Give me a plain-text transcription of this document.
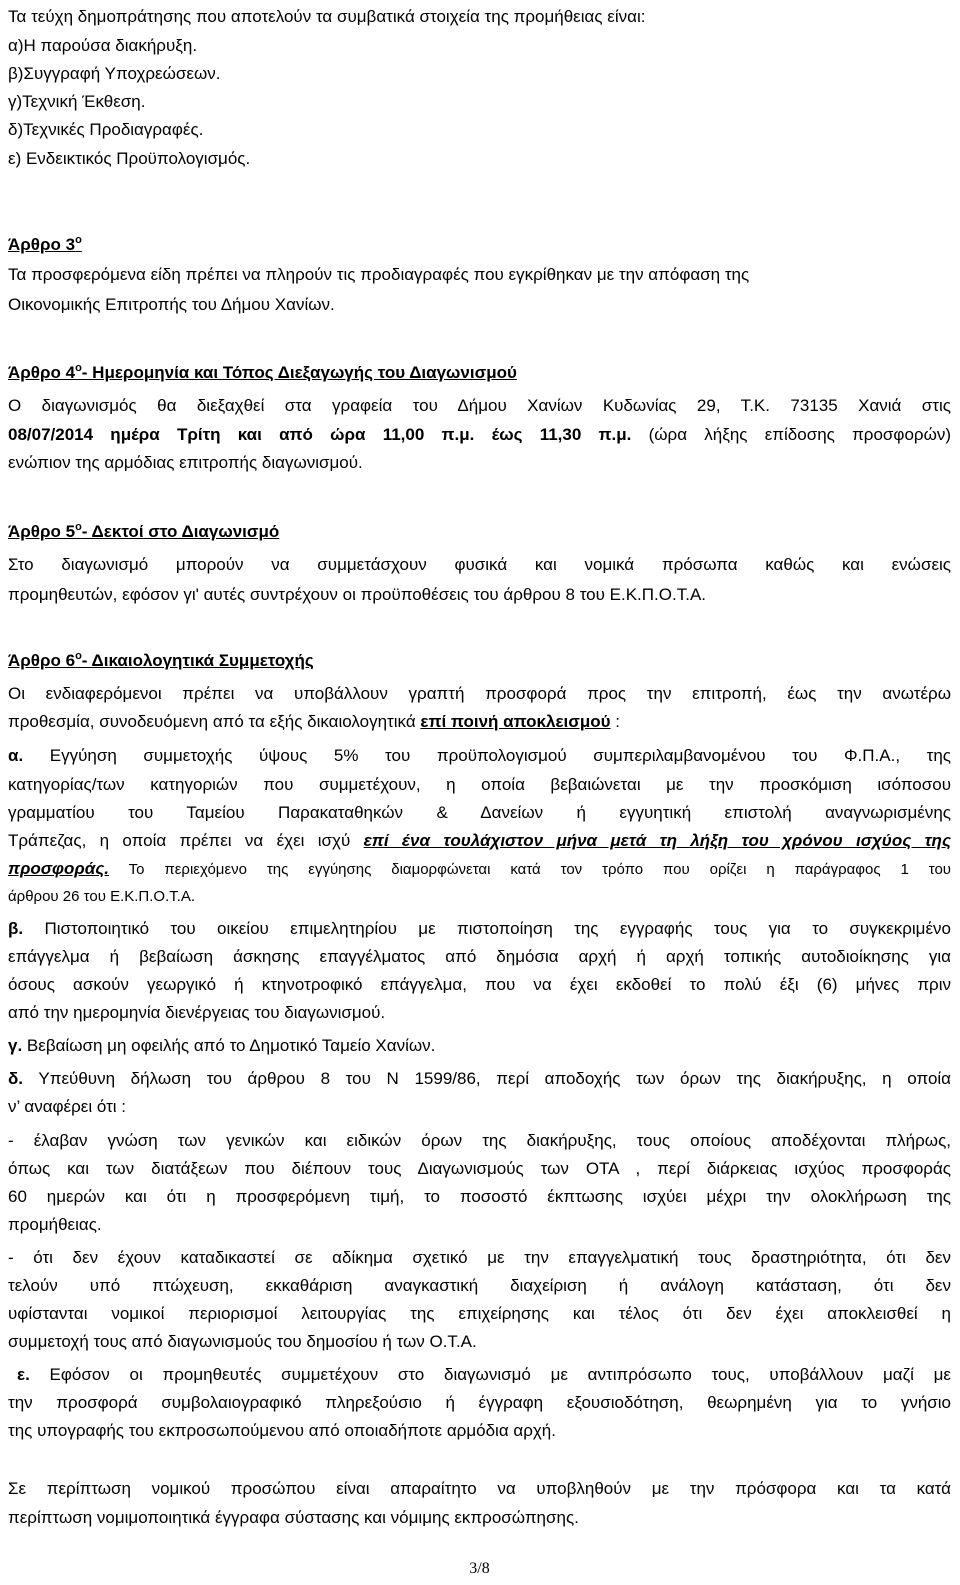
Τα τεύχη δημοπράτησης που αποτελούν τα συμβατικά στοιχεία της προμήθειας είναι:
α)Η παρούσα διακήρυξη.
β)Συγγραφή Υποχρεώσεων.
γ)Τεχνική Έκθεση.
δ)Τεχνικές Προδιαγραφές.
ε) Ενδεικτικός Προϋπολογισμός.
Άρθρο $3^o$
Τα προσφερόμενα είδη πρέπει να πληρούν τις προδιαγραφές που εγκρίθηκαν με την απόφαση της
Οικονομικής Επιτροπής του Δήμου Χανίων.
Άρθρο $4^o-$ Ημερομηνία και Τόπος Διεξαγωγής του Διαγωνισμού
Ο διαγωνισμός θα διεξαχθεί στα γραφεία του Δήμου Χανίων Κυδωνίας 29, Τ.Κ. 73135 Χανιά στις
08/07/2014 ημέρα Τρίτη και από ώρα 11,00 π.μ. έως 11,30 π.μ. (ώρα λήξης επίδοσης προσφορών)
ενώπιον της αρμόδιας επιτροπής διαγωνισμού.
Άρθρο $5^o-$ Δεκτοί στο Διαγωνισμό
Στο διαγωνισμό μπορούν να συμμετάσχουν φυσικά και νομικά πρόσωπα καθώς και ενώσεις
προμηθευτών, εφόσον γι' αυτές συντρέχουν οι προϋποθέσεις του άρθρου 8 του Ε.Κ.Π.Ο.Τ.Α.
Άρθρο $6^o-$ Δικαιολογητικά Συμμετοχής
Οι ενδιαφερόμενοι πρέπει να υποβάλλουν γραπτή προσφορά προς την επιτροπή, έως την ανωτέρω
προθεσμία, συνοδευόμενη από τα εξής δικαιολογητικά επί ποινή αποκλεισμού :
α. Εγγύηση συμμετοχής ύψους 5% του προϋπολογισμού συμπεριλαμβανομένου του Φ.Π.Α., της
κατηγορίας/των κατηγοριών που συμμετέχουν, η οποία βεβαιώνεται με την προσκόμιση ισόποσου
γραμματίου του Ταμείου Παρακαταθηκών & Δανείων ή εγγυητική επιστολή αναγνωρισμένης
Τράπεζας, η οποία πρέπει να έχει ισχύ επί ένα τουλάχιστον μήνα μετά τη λήξη του χρόνου ισχύος της
προσφοράς. Το περιεχόμενο της εγγύησης διαμορφώνεται κατά τον τρόπο που ορίζει η παράγραφος 1 του
άρθρου 26 του Ε.Κ.Π.Ο.Τ.Α.
β. Πιστοποιητικό του οικείου επιμελητηρίου με πιστοποίηση της εγγραφής τους για το συγκεκριμένο
επάγγελμα ή βεβαίωση άσκησης επαγγέλματος από δημόσια αρχή ή αρχή τοπικής αυτοδιοίκησης για
όσους ασκούν γεωργικό ή κτηνοτροφικό επάγγελμα, που να έχει εκδοθεί το πολύ έξι (6) μήνες πριν
από την ημερομηνία διενέργειας του διαγωνισμού.
γ. Βεβαίωση μη οφειλής από το Δημοτικό Ταμείο Χανίων.
δ. Υπεύθυνη δήλωση του άρθρου 8 του Ν 1599/86, περί αποδοχής των όρων της διακήρυξης, η οποία
ν’ αναφέρει ότι :
- έλαβαν γνώση των γενικών και ειδικών όρων της διακήρυξης, τους οποίους αποδέχονται πλήρως,
όπως και των διατάξεων που διέπουν τους Διαγωνισμούς των ΟΤΑ , περί διάρκειας ισχύος προσφοράς
60 ημερών και ότι η προσφερόμενη τιμή, το ποσοστό έκπτωσης ισχύει μέχρι την ολοκλήρωση της
προμήθειας.
- ότι δεν έχουν καταδικαστεί σε αδίκημα σχετικό με την επαγγελματική τους δραστηριότητα, ότι δεν
τελούν υπό πτώχευση, εκκαθάριση αναγκαστική διαχείριση ή ανάλογη κατάσταση, ότι δεν
υφίστανται νομικοί περιορισμοί λειτουργίας της επιχείρησης και τέλος ότι δεν έχει αποκλεισθεί η
συμμετοχή τους από διαγωνισμούς του δημοσίου ή των Ο.Τ.Α.
ε. Εφόσον οι προμηθευτές συμμετέχουν στο διαγωνισμό με αντιπρόσωπο τους, υποβάλλουν μαζί με
την προσφορά συμβολαιογραφικό πληρεξούσιο ή έγγραφη εξουσιοδότηση, θεωρημένη για το γνήσιο
της υπογραφής του εκπροσωπούμενου από οποιαδήποτε αρμόδια αρχή.
Σε περίπτωση νομικού προσώπου είναι απαραίτητο να υποβληθούν με την πρόσφορα και τα κατά
περίπτωση νομιμοποιητικά έγγραφα σύστασης και νόμιμης εκπροσώπησης.
3/8
